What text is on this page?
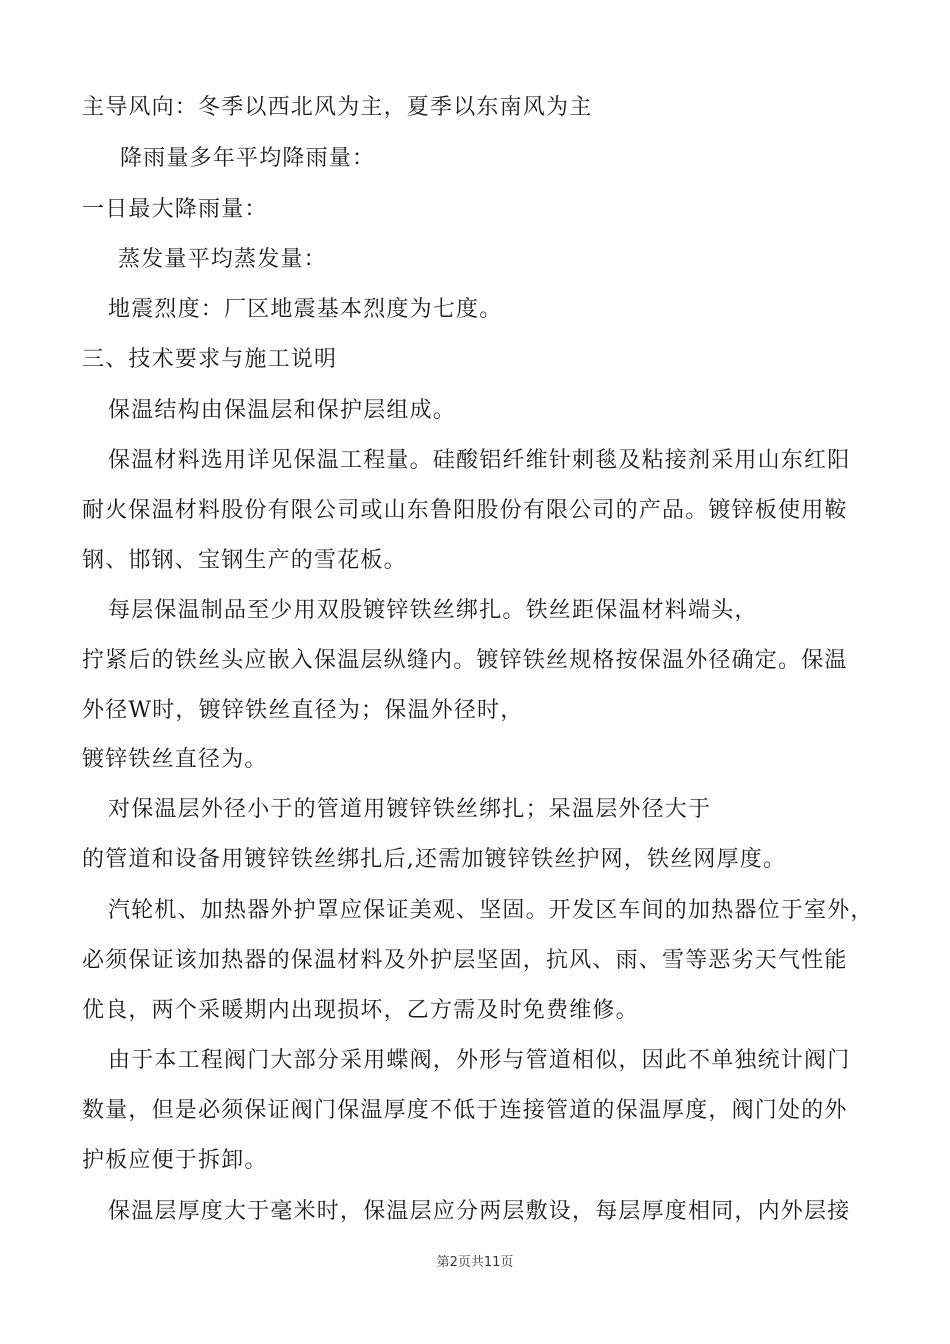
主导风向：冬季以西北风为主，夏季以东南风为主
降雨量多年平均降雨量：
一日最大降雨量：
蒸发量平均蒸发量：
地震烈度：厂区地震基本烈度为七度。
三、技术要求与施工说明
保温结构由保温层和保护层组成。
保温材料选用详见保温工程量。硅酸铝纤维针刺毯及粘接剂采用山东红阳
耐火保温材料股份有限公司或山东鲁阳股份有限公司的产品。镀锌板使用鞍
钢、邯钢、宝钢生产的雪花板。
每层保温制品至少用双股镀锌铁丝绑扎。铁丝距保温材料端头，
拧紧后的铁丝头应嵌入保温层纵缝内。镀锌铁丝规格按保温外径确定。保温
外径W时，镀锌铁丝直径为；保温外径时，
镀锌铁丝直径为。
对保温层外径小于的管道用镀锌铁丝绑扎；呆温层外径大于
的管道和设备用镀锌铁丝绑扎后,还需加镀锌铁丝护网，铁丝网厚度。
汽轮机、加热器外护罩应保证美观、坚固。开发区车间的加热器位于室外，
必须保证该加热器的保温材料及外护层坚固，抗风、雨、雪等恶劣天气性能
优良，两个采暖期内出现损坏，乙方需及时免费维修。
由于本工程阀门大部分采用蝶阀，外形与管道相似，因此不单独统计阀门
数量，但是必须保证阀门保温厚度不低于连接管道的保温厚度，阀门处的外
护板应便于拆卸。
保温层厚度大于毫米时，保温层应分两层敷设，每层厚度相同，内外层接
第2页共11页
